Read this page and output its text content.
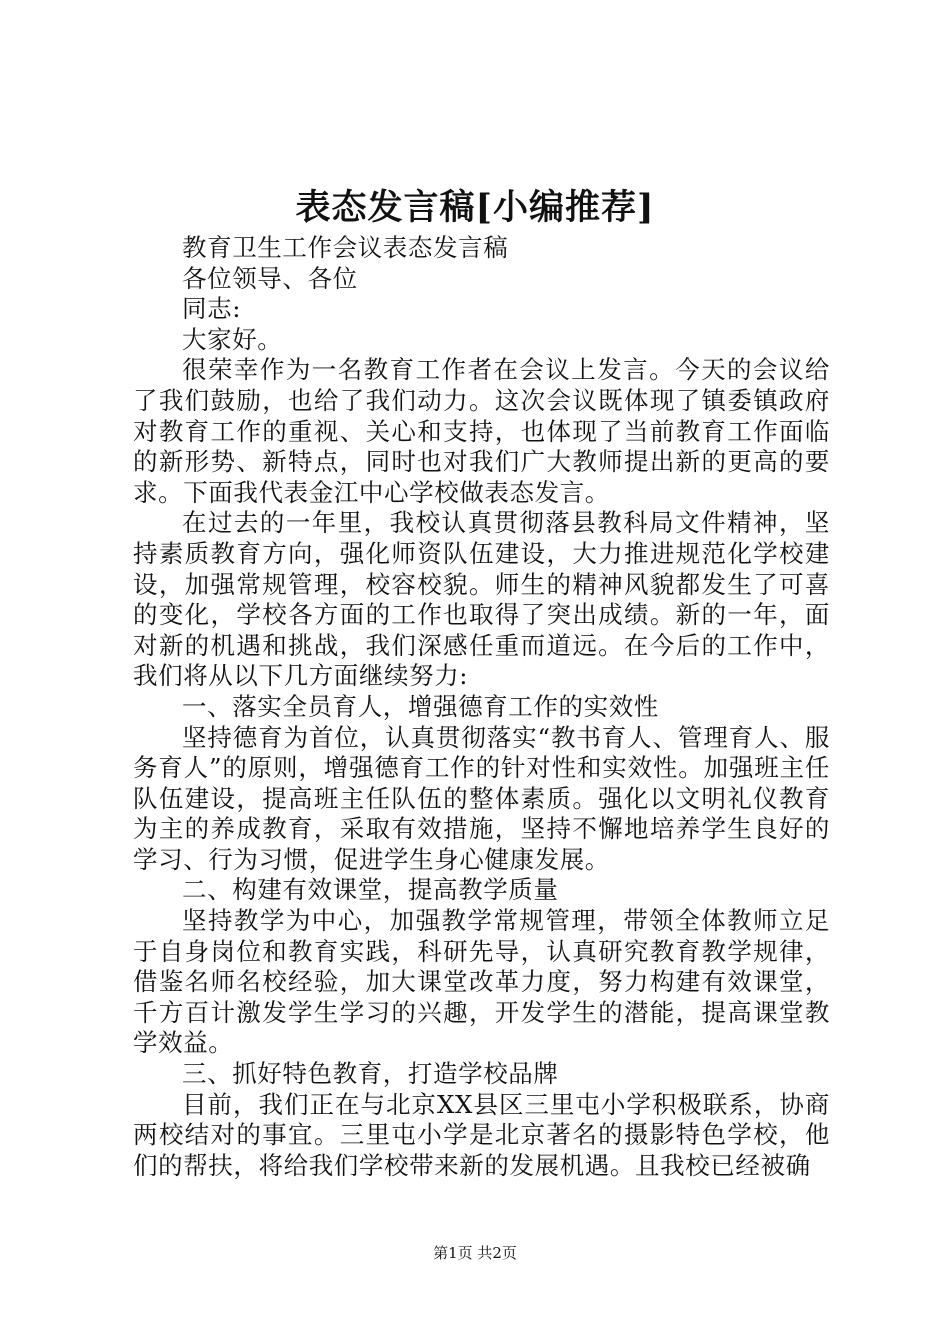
表态发言稿[小编推荐]

教育卫生工作会议表态发言稿

各位领导、各位

同志:

大家好。

很荣幸作为一名教育工作者在会议上发言。今天的会议给了我们鼓励，也给了我们动力。这次会议既体现了镇委镇政府对教育工作的重视、关心和支持，也体现了当前教育工作面临的新形势、新特点，同时也对我们广大教师提出新的更高的要求。下面我代表金江中心学校做表态发言。

在过去的一年里，我校认真贯彻落县教科局文件精神，坚持素质教育方向，强化师资队伍建设，大力推进规范化学校建设，加强常规管理，校容校貌。师生的精神风貌都发生了可喜的变化，学校各方面的工作也取得了突出成绩。新的一年，面对新的机遇和挑战，我们深感任重而道远。在今后的工作中，我们将从以下几方面继续努力:

一、落实全员育人，增强德育工作的实效性

坚持德育为首位，认真贯彻落实“教书育人、管理育人、服务育人”的原则，增强德育工作的针对性和实效性。加强班主任队伍建设，提高班主任队伍的整体素质。强化以文明礼仪教育为主的养成教育，采取有效措施，坚持不懈地培养学生良好的学习、行为习惯，促进学生身心健康发展。

二、构建有效课堂，提高教学质量

坚持教学为中心，加强教学常规管理，带领全体教师立足于自身岗位和教育实践，科研先导，认真研究教育教学规律，借鉴名师名校经验，加大课堂改革力度，努力构建有效课堂，千方百计激发学生学习的兴趣，开发学生的潜能，提高课堂教学效益。

三、抓好特色教育，打造学校品牌

目前，我们正在与北京XX县区三里屯小学积极联系，协商两校结对的事宜。三里屯小学是北京著名的摄影特色学校，他们的帮扶，将给我们学校带来新的发展机遇。且我校已经被确

第1页 共2页
